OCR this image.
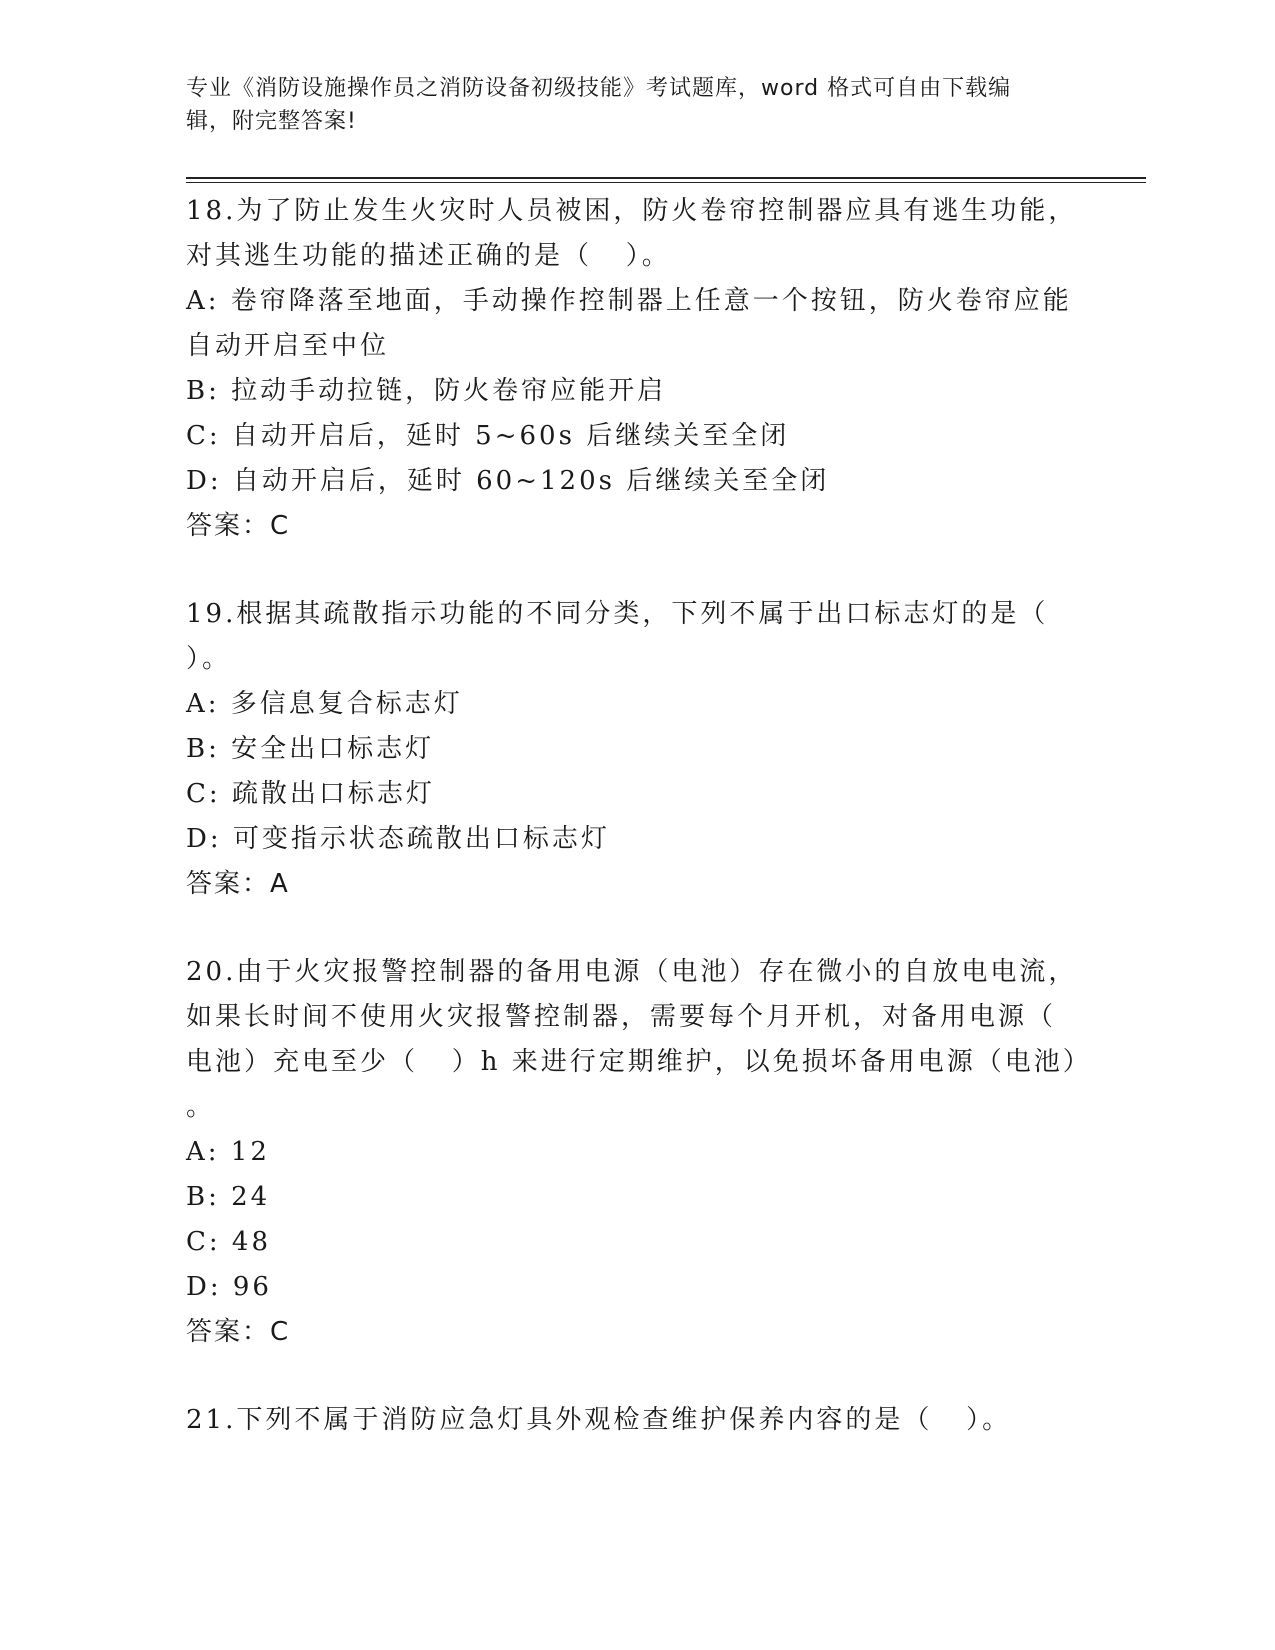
专业《消防设施操作员之消防设备初级技能》考试题库，word 格式可自由下载编
辑，附完整答案!
18.为了防止发生火灾时人员被困，防火卷帘控制器应具有逃生功能，
对其逃生功能的描述正确的是（   ）。
A: 卷帘降落至地面，手动操作控制器上任意一个按钮，防火卷帘应能
自动开启至中位
B: 拉动手动拉链，防火卷帘应能开启
C: 自动开启后，延时 5~60s 后继续关至全闭
D: 自动开启后，延时 60~120s 后继续关至全闭
答案：C
19.根据其疏散指示功能的不同分类，下列不属于出口标志灯的是（
）。
A: 多信息复合标志灯
B: 安全出口标志灯
C: 疏散出口标志灯
D: 可变指示状态疏散出口标志灯
答案：A
20.由于火灾报警控制器的备用电源（电池）存在微小的自放电电流，
如果长时间不使用火灾报警控制器，需要每个月开机，对备用电源（
电池）充电至少（   ）h 来进行定期维护，以免损坏备用电源（电池）
。
A: 12
B: 24
C: 48
D: 96
答案：C
21.下列不属于消防应急灯具外观检查维护保养内容的是（   ）。
